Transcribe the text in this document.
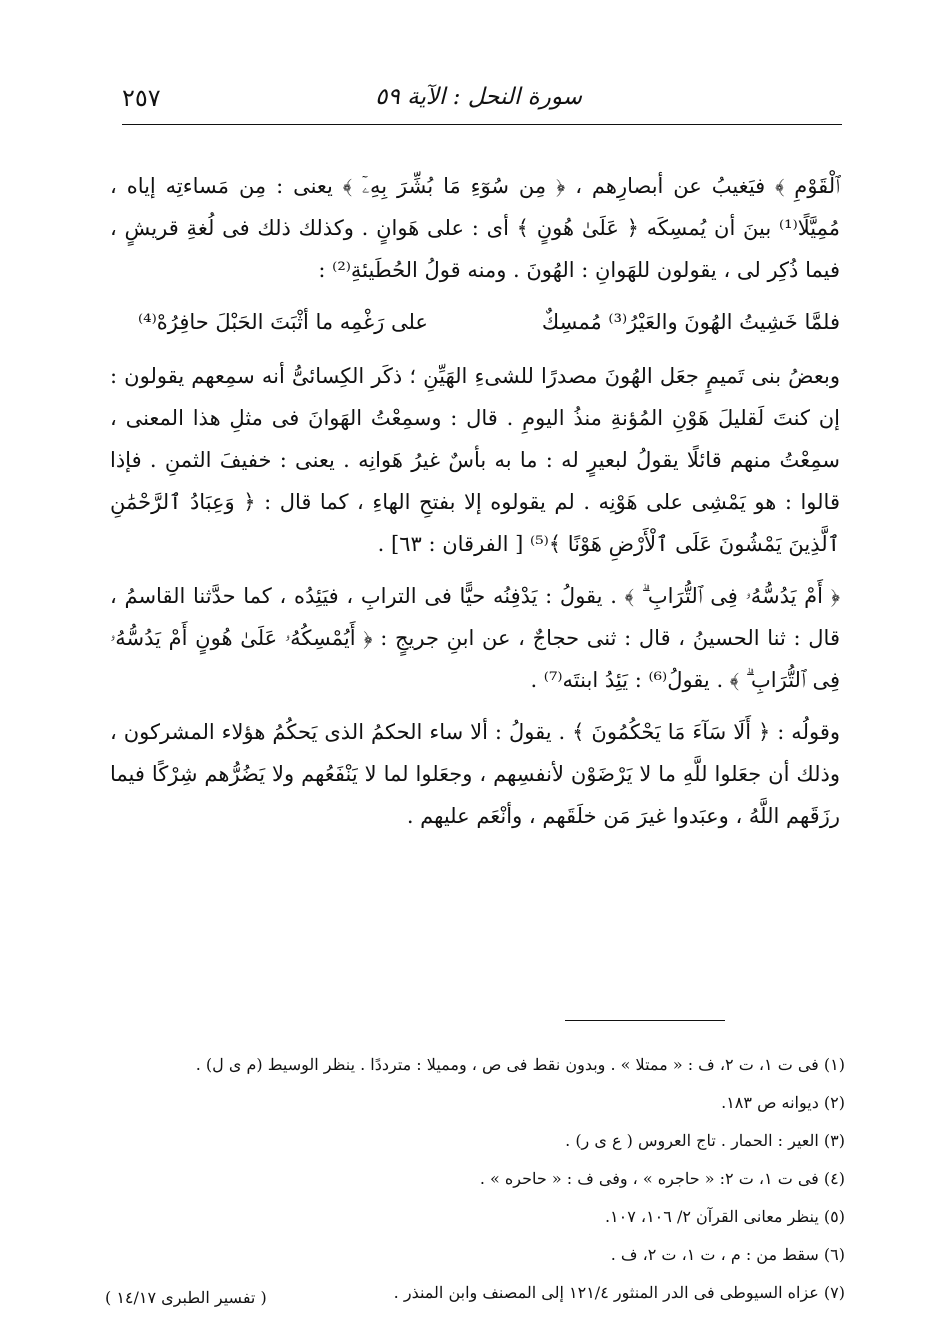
٢٥٧	سورة النحل : الآية ٥٩

ٱلْقَوْمِ ﴾ فيَغيبُ عن أبصارِهم ، ﴿ مِن سُوٓءِ مَا بُشِّرَ بِهِۦٓ ﴾ يعنى : مِن مَساءتِه إياه ، مُمِيَّلًا⁽¹⁾ بينَ أن يُمسِكَه ﴿ عَلَىٰ هُونٍ ﴾ أى : على هَوانٍ . وكذلك ذلك فى لُغةِ قريشٍ ، فيما ذُكِر لى ، يقولون للهَوانِ : الهُونَ . ومنه قولُ الحُطَيئةِ⁽²⁾ :

فلمَّا خَشِيتُ الهُونَ والعَيْرُ⁽³⁾ مُمسِكٌ
على رَغْمِه ما أثْبَتَ الحَبْلَ حافِرُهْ⁽⁴⁾

وبعضُ بنى تَميمٍ جعَل الهُونَ مصدرًا للشىءِ الهَيِّنِ ؛ ذكَر الكِسائىُّ أنه سمِعهم يقولون : إن كنتَ لَقليلَ هَوْنِ المُؤنةِ منذُ اليومِ . قال : وسمِعْتُ الهَوانَ فى مثلِ هذا المعنى ، سمِعْتُ منهم قائلًا يقولُ لبعيرٍ له : ما به بأسٌ غيرُ هَوانِه . يعنى : خفيفَ الثمنِ . فإذا قالوا : هو يَمْشِى على هَوْنِه . لم يقولوه إلا بفتحِ الهاءِ ، كما قال : ﴿ وَعِبَادُ ٱلرَّحْمَٰنِ ٱلَّذِينَ يَمْشُونَ عَلَى ٱلْأَرْضِ هَوْنًا ﴾⁽⁵⁾ [ الفرقان : ٦٣] .

﴿ أَمْ يَدُسُّهُۥ فِى ٱلتُّرَابِ ۗ ﴾ . يقولُ : يَدْفِنُه حيًّا فى الترابِ ، فيَئِدُه ، كما حدَّثنا القاسمُ ، قال : ثنا الحسينُ ، قال : ثنى حجاجٌ ، عن ابنِ جريجٍ : ﴿ أَيُمْسِكُهُۥ عَلَىٰ هُونٍ أَمْ يَدُسُّهُۥ فِى ٱلتُّرَابِ ۗ ﴾ . يقولُ⁽⁶⁾ : يَئِدُ ابنتَه⁽⁷⁾ .

وقولُه : ﴿ أَلَا سَآءَ مَا يَحْكُمُونَ ﴾ . يقولُ : ألا ساء الحكمُ الذى يَحكُمُ هؤلاء المشركون ، وذلك أن جعَلوا للَّهِ ما لا يَرْضَوْن لأنفسِهم ، وجعَلوا لما لا يَنْفَعُهم ولا يَضُرُّهم شِرْكًا فيما رزَقَهم اللَّهُ ، وعبَدوا غيرَ مَن خلَقَهم ، وأنْعَم عليهم .

(١) فى ت ١، ت ٢، ف : « ممتلا » . وبدون نقط فى ص ، ومميلا : مترددًا . ينظر الوسيط (م ى ل) .
(٢) ديوانه ص ١٨٣.
(٣) العير : الحمار . تاج العروس ( ع ى ر) .
(٤) فى ت ١، ت ٢: « حاجره » ، وفى ف : « حاحره » .
(٥) ينظر معانى القرآن ٢/ ١٠٦، ١٠٧.
(٦) سقط من : م ، ت ١، ت ٢، ف .
(٧) عزاه السيوطى فى الدر المنثور ١٢١/٤ إلى المصنف وابن المنذر .
( تفسير الطبرى ١٤/١٧ )
